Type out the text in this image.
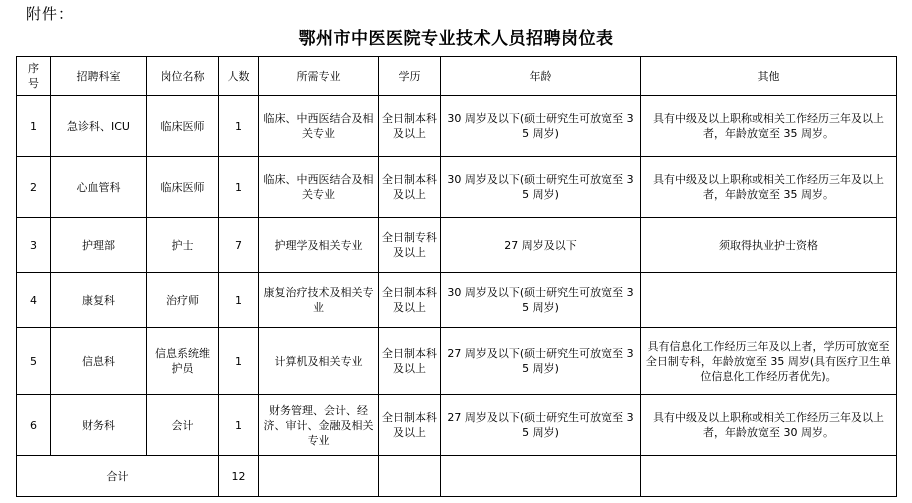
附件：
鄂州市中医医院专业技术人员招聘岗位表
序
号	招聘科室	岗位名称	人数	所需专业	学历	年龄	其他
1	急诊科、ICU	临床医师	1	临床、中西医结合及相关专业	全日制本科及以上	30 周岁及以下(硕士研究生可放宽至 35 周岁)	具有中级及以上职称或相关工作经历三年及以上者，年龄放宽至 35 周岁。
2	心血管科	临床医师	1	临床、中西医结合及相关专业	全日制本科及以上	30 周岁及以下(硕士研究生可放宽至 35 周岁)	具有中级及以上职称或相关工作经历三年及以上者，年龄放宽至 35 周岁。
3	护理部	护士	7	护理学及相关专业	全日制专科及以上	27 周岁及以下	须取得执业护士资格
4	康复科	治疗师	1	康复治疗技术及相关专业	全日制本科及以上	30 周岁及以下(硕士研究生可放宽至 35 周岁)	
5	信息科	信息系统维护员	1	计算机及相关专业	全日制本科及以上	27 周岁及以下(硕士研究生可放宽至 35 周岁)	具有信息化工作经历三年及以上者，学历可放宽至全日制专科，年龄放宽至 35 周岁(具有医疗卫生单位信息化工作经历者优先)。
6	财务科	会计	1	财务管理、会计、经济、审计、金融及相关专业	全日制本科及以上	27 周岁及以下(硕士研究生可放宽至 35 周岁)	具有中级及以上职称或相关工作经历三年及以上者，年龄放宽至 30 周岁。
合计			12				
